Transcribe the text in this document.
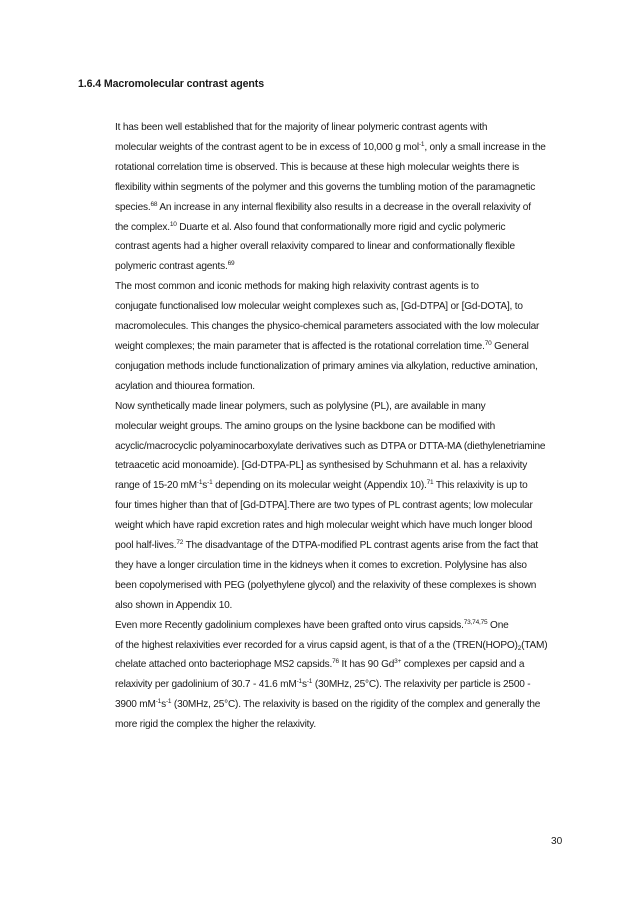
1.6.4 Macromolecular contrast agents

It has been well established that for the majority of linear polymeric contrast agents with
molecular weights of the contrast agent to be in excess of 10,000 g mol$^{-1}$, only a small increase in the
rotational correlation time is observed. This is because at these high molecular weights there is
flexibility within segments of the polymer and this governs the tumbling motion of the paramagnetic
species.$^{68}$ An increase in any internal flexibility also results in a decrease in the overall relaxivity of
the complex.$^{10}$ Duarte et al. Also found that conformationally more rigid and cyclic polymeric
contrast agents had a higher overall relaxivity compared to linear and conformationally flexible
polymeric contrast agents.$^{69}$

The most common and iconic methods for making high relaxivity contrast agents is to
conjugate functionalised low molecular weight complexes such as, [Gd-DTPA] or [Gd-DOTA], to
macromolecules. This changes the physico-chemical parameters associated with the low molecular
weight complexes; the main parameter that is affected is the rotational correlation time.$^{70}$ General
conjugation methods include functionalization of primary amines via alkylation, reductive amination,
acylation and thiourea formation.

Now synthetically made linear polymers, such as polylysine (PL), are available in many
molecular weight groups. The amino groups on the lysine backbone can be modified with
acyclic/macrocyclic polyaminocarboxylate derivatives such as DTPA or DTTA-MA (diethylenetriamine
tetraacetic acid monoamide). [Gd-DTPA-PL] as synthesised by Schuhmann et al. has a relaxivity
range of 15-20 $mM^{-1}s^{-1}$ depending on its molecular weight (Appendix 10).$^{71}$ This relaxivity is up to
four times higher than that of [Gd-DTPA].There are two types of PL contrast agents; low molecular
weight which have rapid excretion rates and high molecular weight which have much longer blood
pool half-lives.$^{72}$ The disadvantage of the DTPA-modified PL contrast agents arise from the fact that
they have a longer circulation time in the kidneys when it comes to excretion. Polylysine has also
been copolymerised with PEG (polyethylene glycol) and the relaxivity of these complexes is shown
also shown in Appendix 10.

Even more Recently gadolinium complexes have been grafted onto virus capsids.$^{73,74,75}$ One
of the highest relaxivities ever recorded for a virus capsid agent, is that of a the ($TREN(HOPO)_2(TAM)$
chelate attached onto bacteriophage MS2 capsids.$^{76}$ It has 90 $Gd^{3+}$ complexes per capsid and a
relaxivity per gadolinium of 30.7 - 41.6 $mM^{-1}s^{-1}$ (30MHz, 25°C). The relaxivity per particle is 2500 -
3900 $mM^{-1}s^{-1}$ (30MHz, 25°C). The relaxivity is based on the rigidity of the complex and generally the
more rigid the complex the higher the relaxivity.

30
